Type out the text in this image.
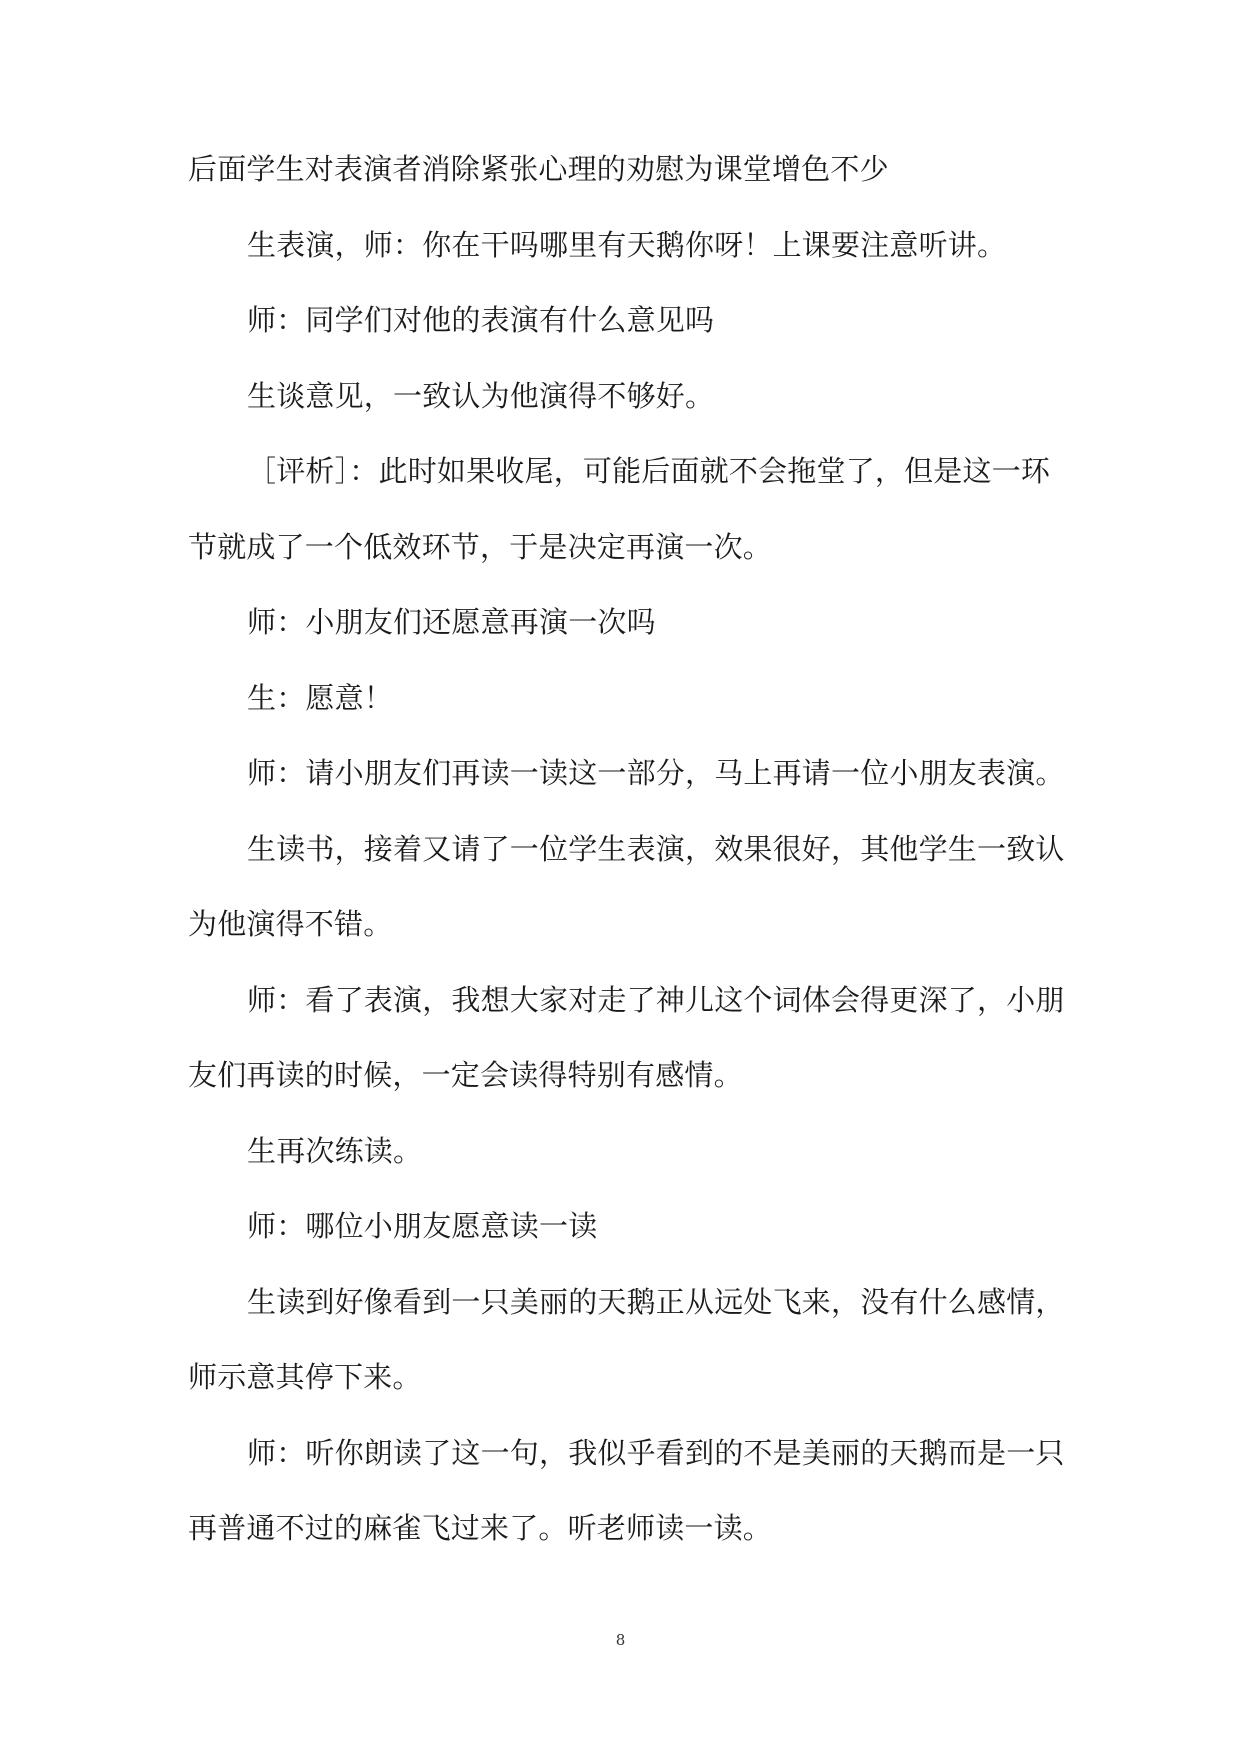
后面学生对表演者消除紧张心理的劝慰为课堂增色不少
生表演，师：你在干吗哪里有天鹅你呀！上课要注意听讲。
师：同学们对他的表演有什么意见吗
生谈意见，一致认为他演得不够好。
［评析］：此时如果收尾，可能后面就不会拖堂了，但是这一环
节就成了一个低效环节，于是决定再演一次。
师：小朋友们还愿意再演一次吗
生：愿意！
师：请小朋友们再读一读这一部分，马上再请一位小朋友表演。
生读书，接着又请了一位学生表演，效果很好，其他学生一致认
为他演得不错。
师：看了表演，我想大家对走了神儿这个词体会得更深了，小朋
友们再读的时候，一定会读得特别有感情。
生再次练读。
师：哪位小朋友愿意读一读
生读到好像看到一只美丽的天鹅正从远处飞来，没有什么感情，
师示意其停下来。
师：听你朗读了这一句，我似乎看到的不是美丽的天鹅而是一只
再普通不过的麻雀飞过来了。听老师读一读。
8
